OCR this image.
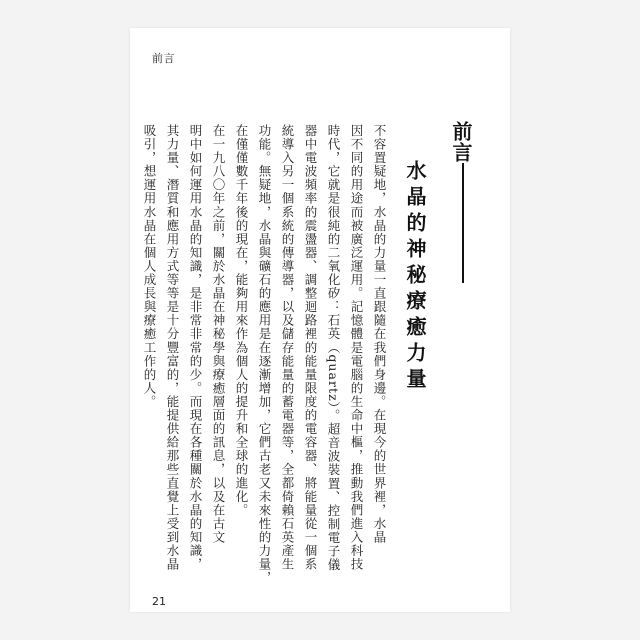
前言
前言
水晶的神秘療癒力量
不容置疑地，水晶的力量一直跟隨在我們身邊。在現今的世界裡，水晶
因不同的用途而被廣泛運用。記憶體是電腦的生命中樞，推動我們進入科技
時代，它就是很純的二氧化矽：石英（quartz）。超音波裝置、控制電子儀
器中電波頻率的震盪器、調整迴路裡的能量限度的電容器、將能量從一個系
統導入另一個系統的傳導器，以及儲存能量的蓄電器等，全都倚賴石英產生
功能。無疑地，水晶與礦石的應用是在逐漸增加，它們古老又未來性的力量，
在僅僅數千年後的現在，能夠用來作為個人的提升和全球的進化。
在一九八〇年之前，關於水晶在神秘學與療癒層面的訊息，以及在古文
明中如何運用水晶的知識，是非常非常的少。而現在各種關於水晶的知識，
其力量、潛質和應用方式等等是十分豐富的，能提供給那些直覺上受到水晶
吸引，想運用水晶在個人成長與療癒工作的人。
21
